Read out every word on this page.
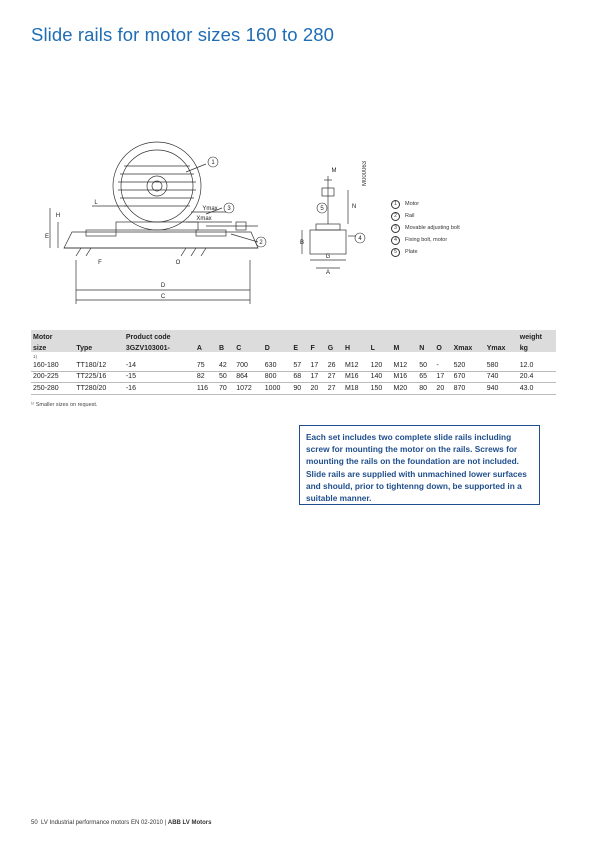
Slide rails for motor sizes 160 to 280
1
2
3
4
5
L
H
E
D
C
F	O
Ymax
Xmax
M
N
B
G
A
M000063
1	Motor
2	Rail
3	Movable adjusting bolt
4	Fixing bolt, motor
5	Plate
Motor		Product code															weight
size	Type	3GZV103001-	A	B	C	D	E	F	G	H	L	M	N	O	Xmax	Ymax	kg
1)																	
160-180	TT180/12	-14	75	42	700	630	57	17	26	M12	120	M12	50	-	520	580	12.0
200-225	TT225/16	-15	82	50	864	800	68	17	27	M16	140	M16	65	17	670	740	20.4
250-280	TT280/20	-16	116	70	1072	1000	90	20	27	M18	150	M20	80	20	870	940	43.0
¹⁾ Smaller sizes on request.
Each set includes two complete slide rails including screw for mounting the motor on the rails. Screws for mounting the rails on the foundation are not included. Slide rails are supplied with unmachined lower surfaces and should, prior to tightenng down, be supported in a suitable manner.
50 LV Industrial performance motors EN 02-2010 | ABB LV Motors
